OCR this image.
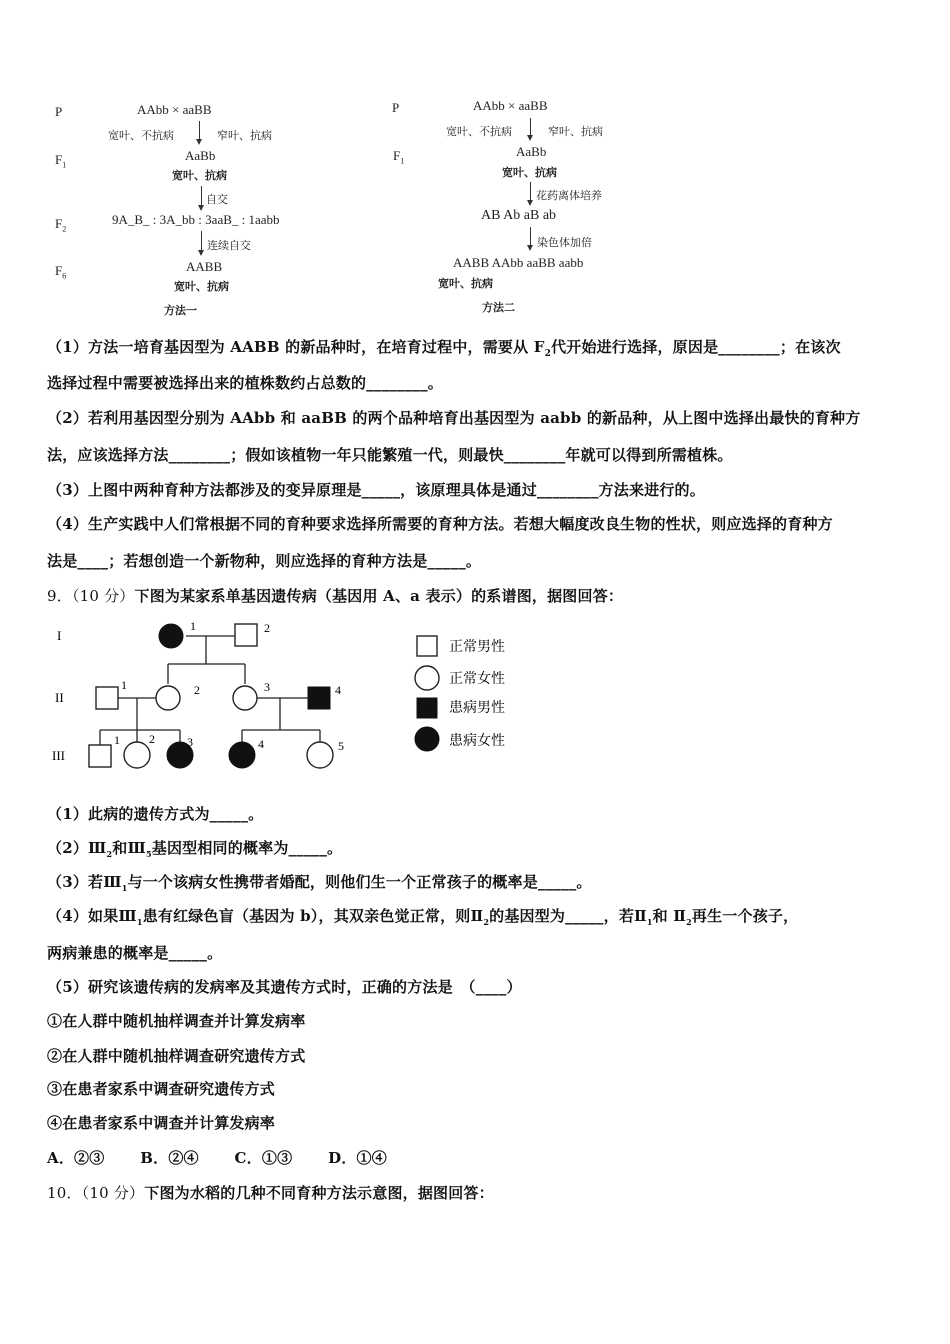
P	AAbb × aaBB
宽叶、不抗病	窄叶、抗病
$F_1$
AaBb
宽叶、抗病
自交
$F_2$
9A_B_ : 3A_bb : 3aaB_ : 1aabb
连续自交
$F_6$
AABB
宽叶、抗病
方法一
P	AAbb × aaBB
宽叶、不抗病	窄叶、抗病
$F_1$
AaBb
宽叶、抗病
花药离体培养
AB Ab aB ab
染色体加倍
AABB AAbb aaBB aabb
宽叶、抗病
方法二
（1）方法一培育基因型为 AABB 的新品种时，在培育过程中，需要从 $F_2$代开始进行选择，原因是________；在该次
选择过程中需要被选择出来的植株数约占总数的________。
（2）若利用基因型分别为 AAbb 和 aaBB 的两个品种培育出基因型为 aabb 的新品种，从上图中选择出最快的育种方
法，应该选择方法________；假如该植物一年只能繁殖一代，则最快________年就可以得到所需植株。
（3）上图中两种育种方法都涉及的变异原理是_____，该原理具体是通过________方法来进行的。
（4）生产实践中人们常根据不同的育种要求选择所需要的育种方法。若想大幅度改良生物的性状，则应选择的育种方
法是____；若想创造一个新物种，则应选择的育种方法是_____。
9．（10 分）下图为某家系单基因遗传病（基因用 A、a 表示）的系谱图，据图回答：
I
II
III
1	2
1	2	3	4
1 2	3	4	5
正常男性
正常女性
患病男性
患病女性
（1）此病的遗传方式为_____。
$(2)Ⅲ_2$和$Ⅲ_5$基因型相同的概率为_____。
（3）若$Ⅲ_1$与一个该病女性携带者婚配，则他们生一个正常孩子的概率是_____。
（4）如果$Ⅲ_1$患有红绿色盲（基因为 b），其双亲色觉正常，则$Ⅱ_2$的基因型为_____，若$Ⅱ_1$和 $Ⅱ_2$再生一个孩子，
两病兼患的概率是_____。
（5）研究该遗传病的发病率及其遗传方式时，正确的方法是　（____）
①在人群中随机抽样调查并计算发病率
②在人群中随机抽样调查研究遗传方式
③在患者家系中调查研究遗传方式
④在患者家系中调查并计算发病率
A．②③　　 B．②④　　 C．①③　　 D．①④
10．（10 分）下图为水稻的几种不同育种方法示意图，据图回答：
